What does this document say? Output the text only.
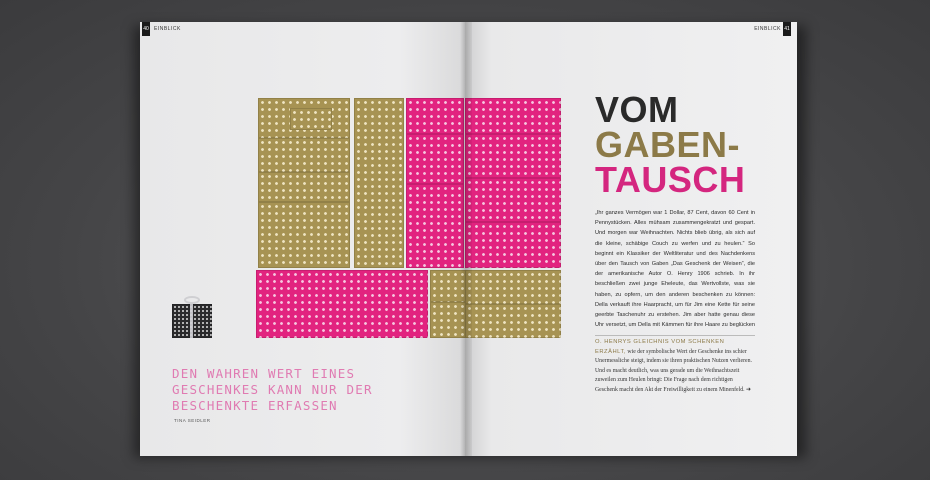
40 EINBLICK
DEN WAHREN WERT EINES
GESCHENKES KANN NUR DER
BESCHENKTE ERFASSEN
TINA SEIDLER
EINBLICK 41
VOM
GABEN-
TAUSCH
„Ihr ganzes Vermögen war 1 Dollar, 87 Cent, davon 60 Cent in Pennystücken. Alles mühsam zusammengekratzt und gespart. Und morgen war Weihnachten. Nichts blieb übrig, als sich auf die kleine, schäbige Couch zu werfen und zu heulen.“ So beginnt ein Klassiker der Weltliteratur und des Nachdenkens über den Tausch von Gaben „Das Geschenk der Weisen“, die der amerikanische Autor O. Henry 1906 schrieb. In ihr beschließen zwei junge Eheleute, das Wertvollste, was sie haben, zu opfern, um den anderen beschenken zu können: Della verkauft ihre Haarpracht, um für Jim eine Kette für seine geerbte Taschenuhr zu erstehen. Jim aber hatte genau diese Uhr versetzt, um Della mit Kämmen für ihre Haare zu beglücken …
O. HENRYS GLEICHNIS VOM SCHENKEN ERZÄHLT, wie der symbolische Wert der Geschenke ins schier Unermessliche steigt, indem sie ihren praktischen Nutzen verlieren. Und es macht deutlich, was uns gerade um die Weihnachtszeit zuweilen zum Heulen bringt: Die Frage nach dem richtigen Geschenk macht den Akt der Freiwilligkeit zu einem Minenfeld. ➜
